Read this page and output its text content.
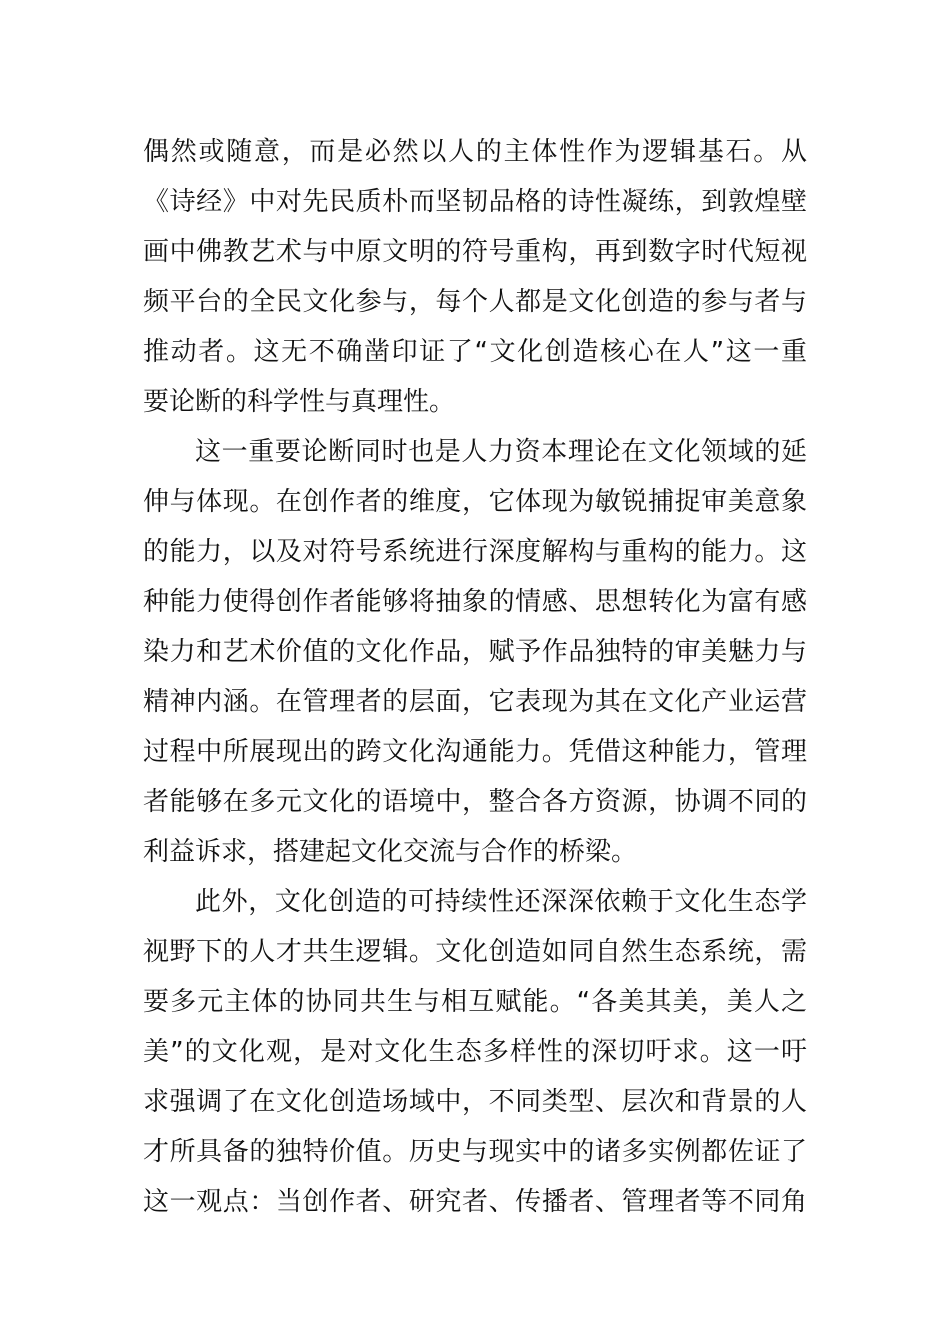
偶然或随意，而是必然以人的主体性作为逻辑基石。从
《诗经》中对先民质朴而坚韧品格的诗性凝练，到敦煌壁
画中佛教艺术与中原文明的符号重构，再到数字时代短视
频平台的全民文化参与，每个人都是文化创造的参与者与
推动者。这无不确凿印证了“文化创造核心在人”这一重
要论断的科学性与真理性。
这一重要论断同时也是人力资本理论在文化领域的延
伸与体现。在创作者的维度，它体现为敏锐捕捉审美意象
的能力，以及对符号系统进行深度解构与重构的能力。这
种能力使得创作者能够将抽象的情感、思想转化为富有感
染力和艺术价值的文化作品，赋予作品独特的审美魅力与
精神内涵。在管理者的层面，它表现为其在文化产业运营
过程中所展现出的跨文化沟通能力。凭借这种能力，管理
者能够在多元文化的语境中，整合各方资源，协调不同的
利益诉求，搭建起文化交流与合作的桥梁。
此外，文化创造的可持续性还深深依赖于文化生态学
视野下的人才共生逻辑。文化创造如同自然生态系统，需
要多元主体的协同共生与相互赋能。“各美其美，美人之
美”的文化观，是对文化生态多样性的深切吁求。这一吁
求强调了在文化创造场域中，不同类型、层次和背景的人
才所具备的独特价值。历史与现实中的诸多实例都佐证了
这一观点：当创作者、研究者、传播者、管理者等不同角
